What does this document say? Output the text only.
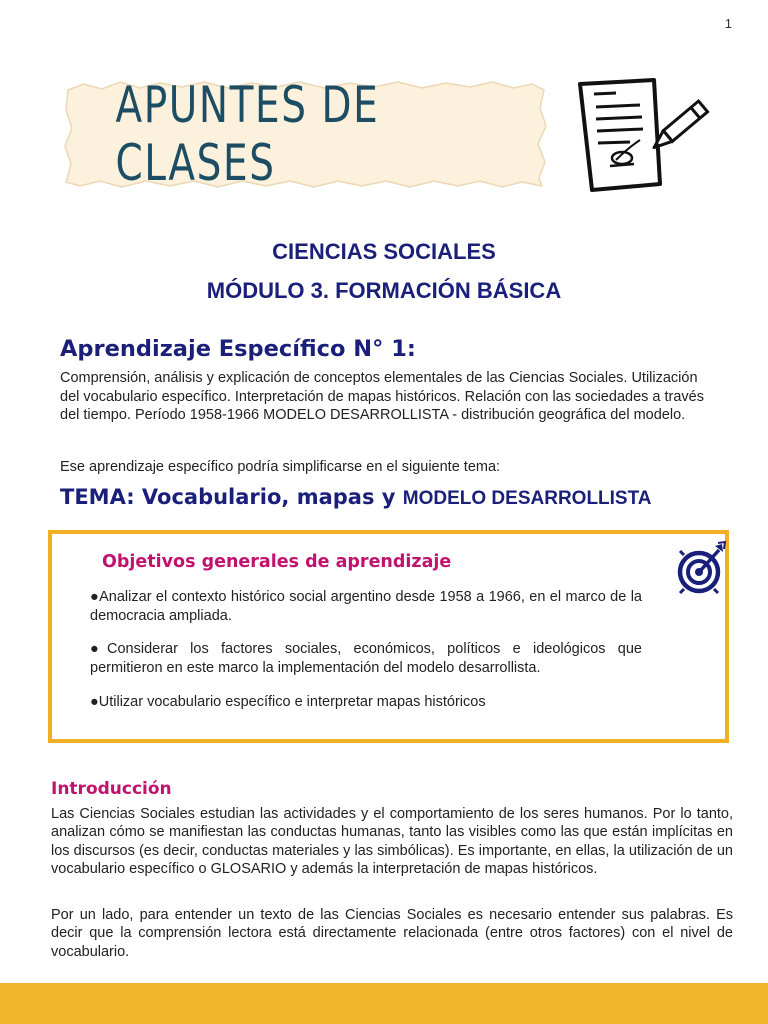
1
APUNTES DE CLASES
CIENCIAS SOCIALES
MÓDULO 3. FORMACIÓN BÁSICA
Aprendizaje Específico N° 1:
Comprensión, análisis y explicación de conceptos elementales de las Ciencias Sociales. Utilización del vocabulario específico. Interpretación de mapas históricos. Relación con las sociedades a través del tiempo. Período 1958-1966 MODELO DESARROLLISTA - distribución geográfica del modelo.
Ese aprendizaje específico podría simplificarse en el siguiente tema:
TEMA: Vocabulario, mapas y MODELO DESARROLLISTA
Objetivos generales de aprendizaje
●Analizar el contexto histórico social argentino desde 1958 a 1966, en el marco de la democracia ampliada.
●Considerar los factores sociales, económicos, políticos e ideológicos que permitieron en este marco la implementación del modelo desarrollista.
●Utilizar vocabulario específico e interpretar mapas históricos
Introducción
Las Ciencias Sociales estudian las actividades y el comportamiento de los seres humanos. Por lo tanto, analizan cómo se manifiestan las conductas humanas, tanto las visibles como las que están implícitas en los discursos (es decir, conductas materiales y las simbólicas). Es importante, en ellas, la utilización de un vocabulario específico o GLOSARIO y además la interpretación de mapas históricos.
Por un lado, para entender un texto de las Ciencias Sociales es necesario entender sus palabras. Es decir que la comprensión lectora está directamente relacionada (entre otros factores) con el nivel de vocabulario.
